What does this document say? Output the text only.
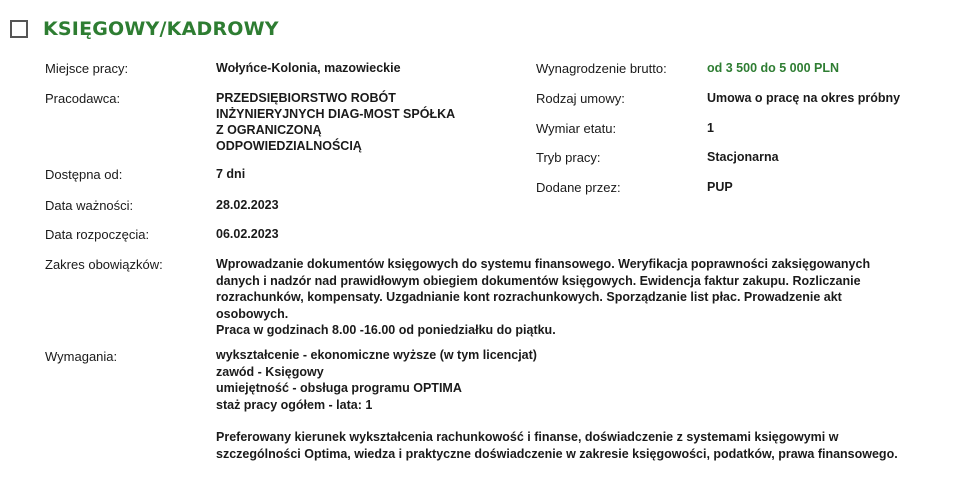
KSIĘGOWY/KADROWY
Miejsce pracy:	Wołyńce-Kolonia, mazowieckie
Pracodawca:	PRZEDSIĘBIORSTWO ROBÓT
INŻYNIERYJNYCH DIAG-MOST SPÓŁKA
Z OGRANICZONĄ
ODPOWIEDZIALNOŚCIĄ
Dostępna od:	7 dni
Data ważności:	28.02.2023
Data rozpoczęcia:	06.02.2023
Wynagrodzenie brutto:	od 3 500 do 5 000 PLN
Rodzaj umowy:	Umowa o pracę na okres próbny
Wymiar etatu:	1
Tryb pracy:	Stacjonarna
Dodane przez:	PUP
Zakres obowiązków:	Wprowadzanie dokumentów księgowych do systemu finansowego. Weryfikacja poprawności zaksięgowanych
danych i nadzór nad prawidłowym obiegiem dokumentów księgowych. Ewidencja faktur zakupu. Rozliczanie
rozrachunków, kompensaty. Uzgadnianie kont rozrachunkowych. Sporządzanie list płac. Prowadzenie akt
osobowych.
Praca w godzinach 8.00 -16.00 od poniedziałku do piątku.
Wymagania:	wykształcenie - ekonomiczne wyższe (w tym licencjat)
zawód - Księgowy
umiejętność - obsługa programu OPTIMA
staż pracy ogółem - lata: 1
Preferowany kierunek wykształcenia rachunkowość i finanse, doświadczenie z systemami księgowymi w
szczególności Optima, wiedza i praktyczne doświadczenie w zakresie księgowości, podatków, prawa finansowego.
